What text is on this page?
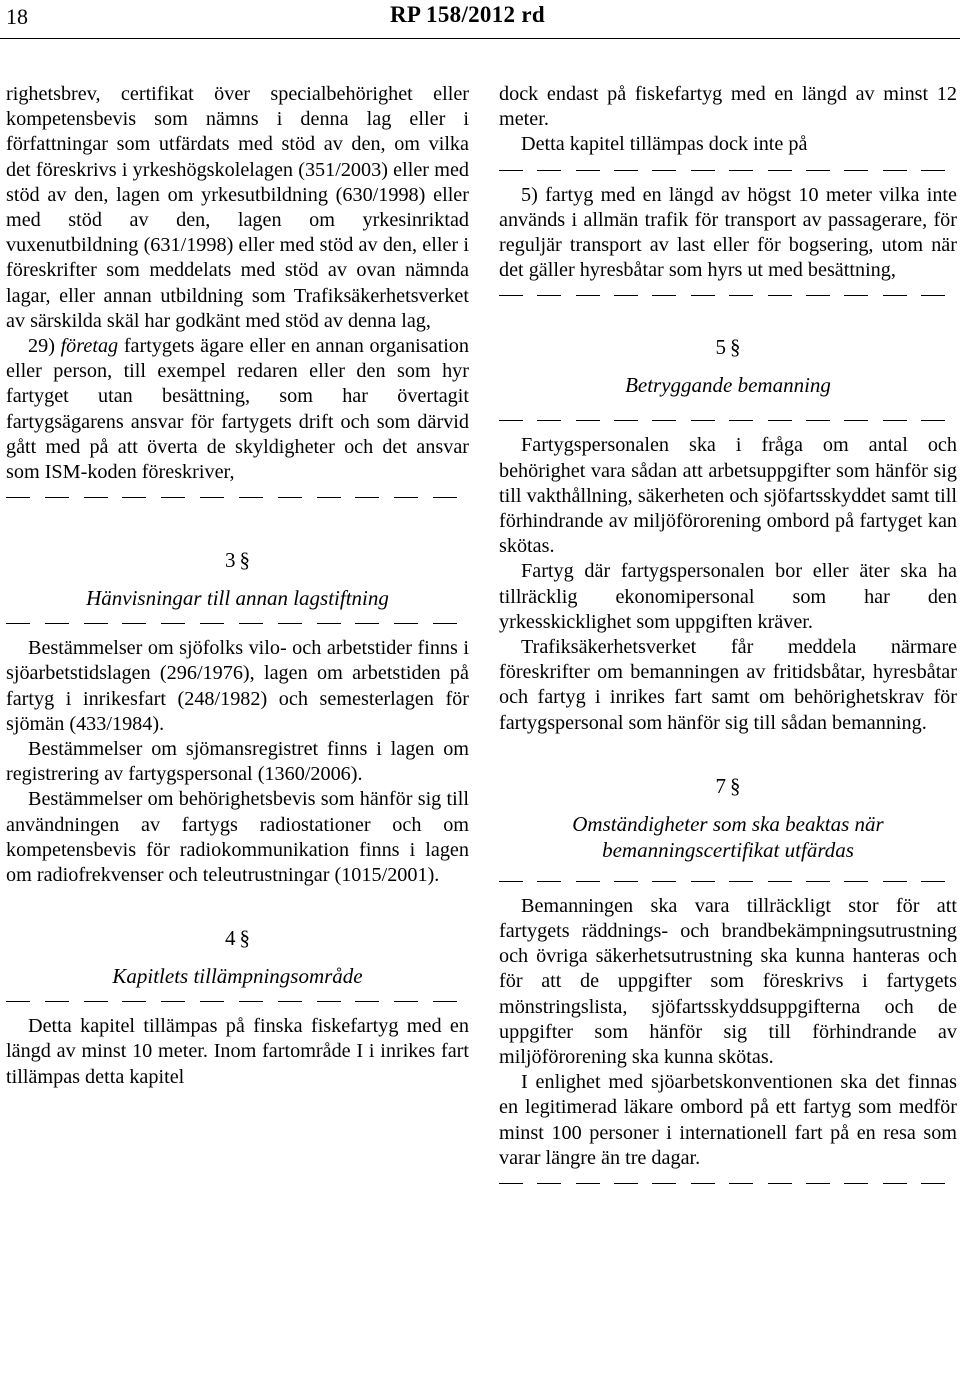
18	RP 158/2012 rd

righetsbrev, certifikat över specialbehörighet eller kompetensbevis som nämns i denna lag eller i författningar som utfärdats med stöd av den, om vilka det föreskrivs i yrkeshögskolelagen (351/2003) eller med stöd av den, lagen om yrkesutbildning (630/1998) eller med stöd av den, lagen om yrkesinriktad vuxenutbildning (631/1998) eller med stöd av den, eller i föreskrifter som meddelats med stöd av ovan nämnda lagar, eller annan utbildning som Trafiksäkerhetsverket av särskilda skäl har godkänt med stöd av denna lag,

29) företag fartygets ägare eller en annan organisation eller person, till exempel redaren eller den som hyr fartyget utan besättning, som har övertagit fartygsägarens ansvar för fartygets drift och som därvid gått med på att överta de skyldigheter och det ansvar som ISM-koden föreskriver,

3 §
Hänvisningar till annan lagstiftning

Bestämmelser om sjöfolks vilo- och arbetstider finns i sjöarbetstidslagen (296/1976), lagen om arbetstiden på fartyg i inrikesfart (248/1982) och semesterlagen för sjömän (433/1984).

Bestämmelser om sjömansregistret finns i lagen om registrering av fartygspersonal (1360/2006).

Bestämmelser om behörighetsbevis som hänför sig till användningen av fartygs radiostationer och om kompetensbevis för radiokommunikation finns i lagen om radiofrekvenser och teleutrustningar (1015/2001).

4 §
Kapitlets tillämpningsområde

Detta kapitel tillämpas på finska fiskefartyg med en längd av minst 10 meter. Inom fartområde I i inrikes fart tillämpas detta kapitel

dock endast på fiskefartyg med en längd av minst 12 meter.

Detta kapitel tillämpas dock inte på

5) fartyg med en längd av högst 10 meter vilka inte används i allmän trafik för transport av passagerare, för reguljär transport av last eller för bogsering, utom när det gäller hyresbåtar som hyrs ut med besättning,

5 §
Betryggande bemanning

Fartygspersonalen ska i fråga om antal och behörighet vara sådan att arbetsuppgifter som hänför sig till vakthållning, säkerheten och sjöfartsskyddet samt till förhindrande av miljöförorening ombord på fartyget kan skötas.

Fartyg där fartygspersonalen bor eller äter ska ha tillräcklig ekonomipersonal som har den yrkesskicklighet som uppgiften kräver.

Trafiksäkerhetsverket får meddela närmare föreskrifter om bemanningen av fritidsbåtar, hyresbåtar och fartyg i inrikes fart samt om behörighetskrav för fartygspersonal som hänför sig till sådan bemanning.

7 §
Omständigheter som ska beaktas när bemanningscertifikat utfärdas

Bemanningen ska vara tillräckligt stor för att fartygets räddnings- och brandbekämpningsutrustning och övriga säkerhetsutrustning ska kunna hanteras och för att de uppgifter som föreskrivs i fartygets mönstringslista, sjöfartsskyddsuppgifterna och de uppgifter som hänför sig till förhindrande av miljöförorening ska kunna skötas.

I enlighet med sjöarbetskonventionen ska det finnas en legitimerad läkare ombord på ett fartyg som medför minst 100 personer i internationell fart på en resa som varar längre än tre dagar.
